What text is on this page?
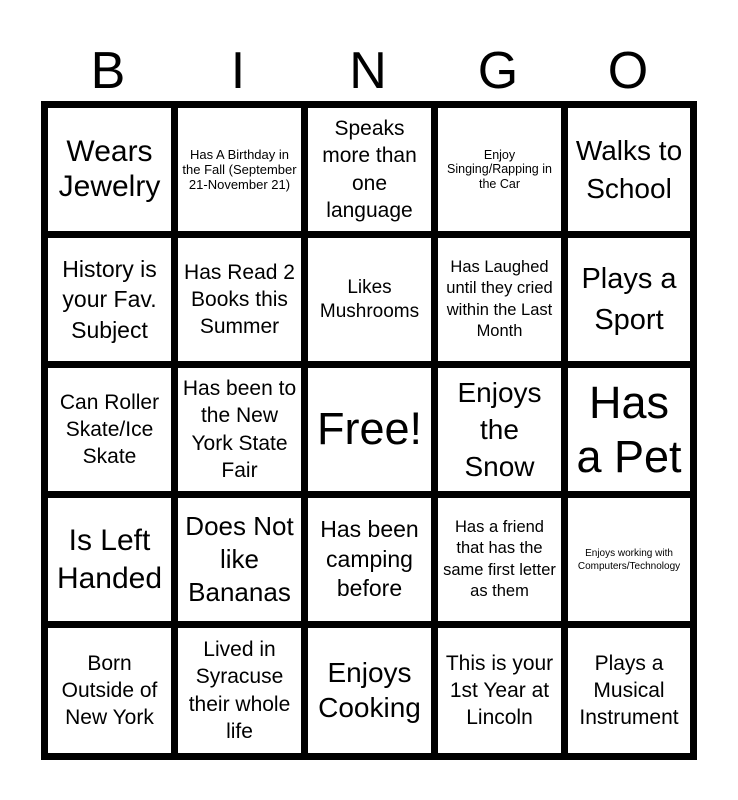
B	I	N	G	O
Wears Jewelry
Has A Birthday in the Fall (September 21-November 21)
Speaks more than one language
Enjoy Singing/Rapping in the Car
Walks to School
History is your Fav. Subject
Has Read 2 Books this Summer
Likes Mushrooms
Has Laughed until they cried within the Last Month
Plays a Sport
Can Roller Skate/Ice Skate
Has been to the New York State Fair
Free!
Enjoys the Snow
Has a Pet
Is Left Handed
Does Not like Bananas
Has been camping before
Has a friend that has the same first letter as them
Enjoys working with Computers/Technology
Born Outside of New York
Lived in Syracuse their whole life
Enjoys Cooking
This is your 1st Year at Lincoln
Plays a Musical Instrument
